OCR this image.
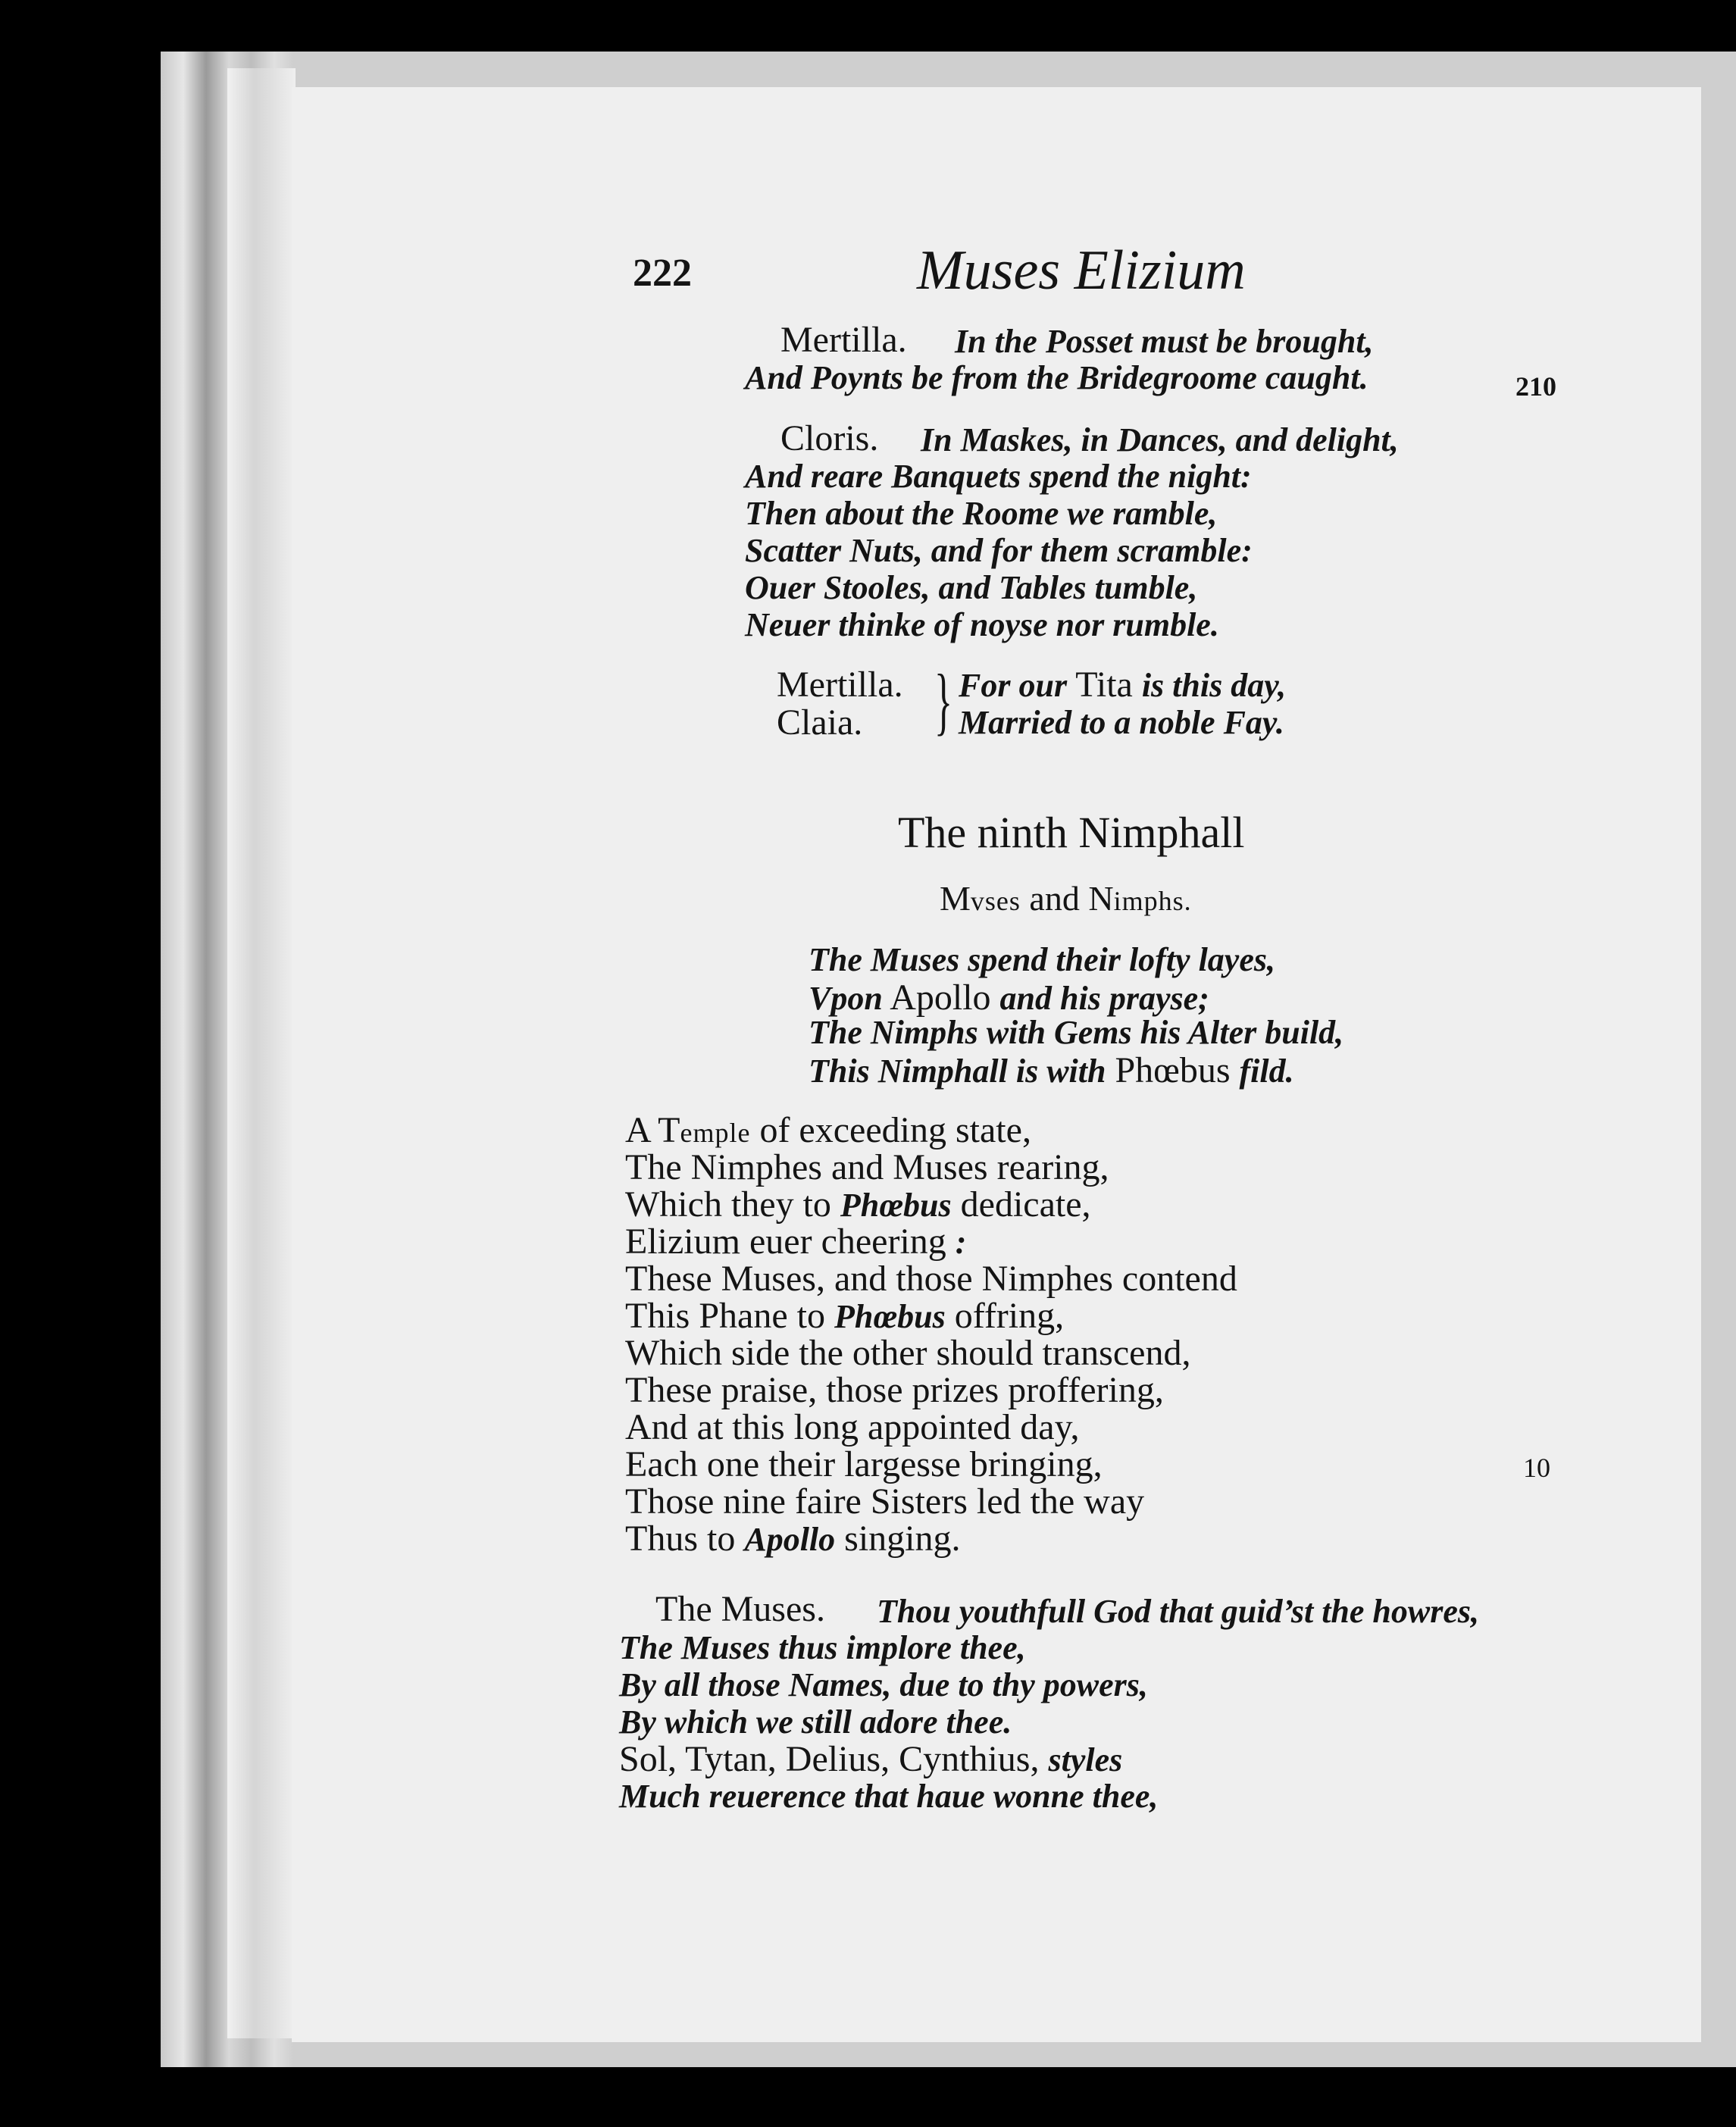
222	Muses Elizium
Mertilla. In the Posset must be brought,
And Poynts be from the Bridegroome caught.	210
Cloris. In Maskes, in Dances, and delight,
And reare Banquets spend the night:
Then about the Roome we ramble,
Scatter Nuts, and for them scramble:
Ouer Stooles, and Tables tumble,
Neuer thinke of noyse nor rumble.
Mertilla.
Claia. } For our Tita is this day,
Married to a noble Fay.
The ninth Nimphall
Mvses and Nimphs.
The Muses spend their lofty layes,
Vpon Apollo and his prayse;
The Nimphs with Gems his Alter build,
This Nimphall is with Phœbus fild.
A Temple of exceeding state,
The Nimphes and Muses rearing,
Which they to Phœbus dedicate,
Elizium euer cheering :
These Muses, and those Nimphes contend
This Phane to Phœbus offring,
Which side the other should transcend,
These praise, those prizes proffering,
And at this long appointed day,
Each one their largesse bringing,	10
Those nine faire Sisters led the way
Thus to Apollo singing.
The Muses. Thou youthfull God that guid’st the howres,
The Muses thus implore thee,
By all those Names, due to thy powers,
By which we still adore thee.
Sol, Tytan, Delius, Cynthius, styles
Much reuerence that haue wonne thee,
